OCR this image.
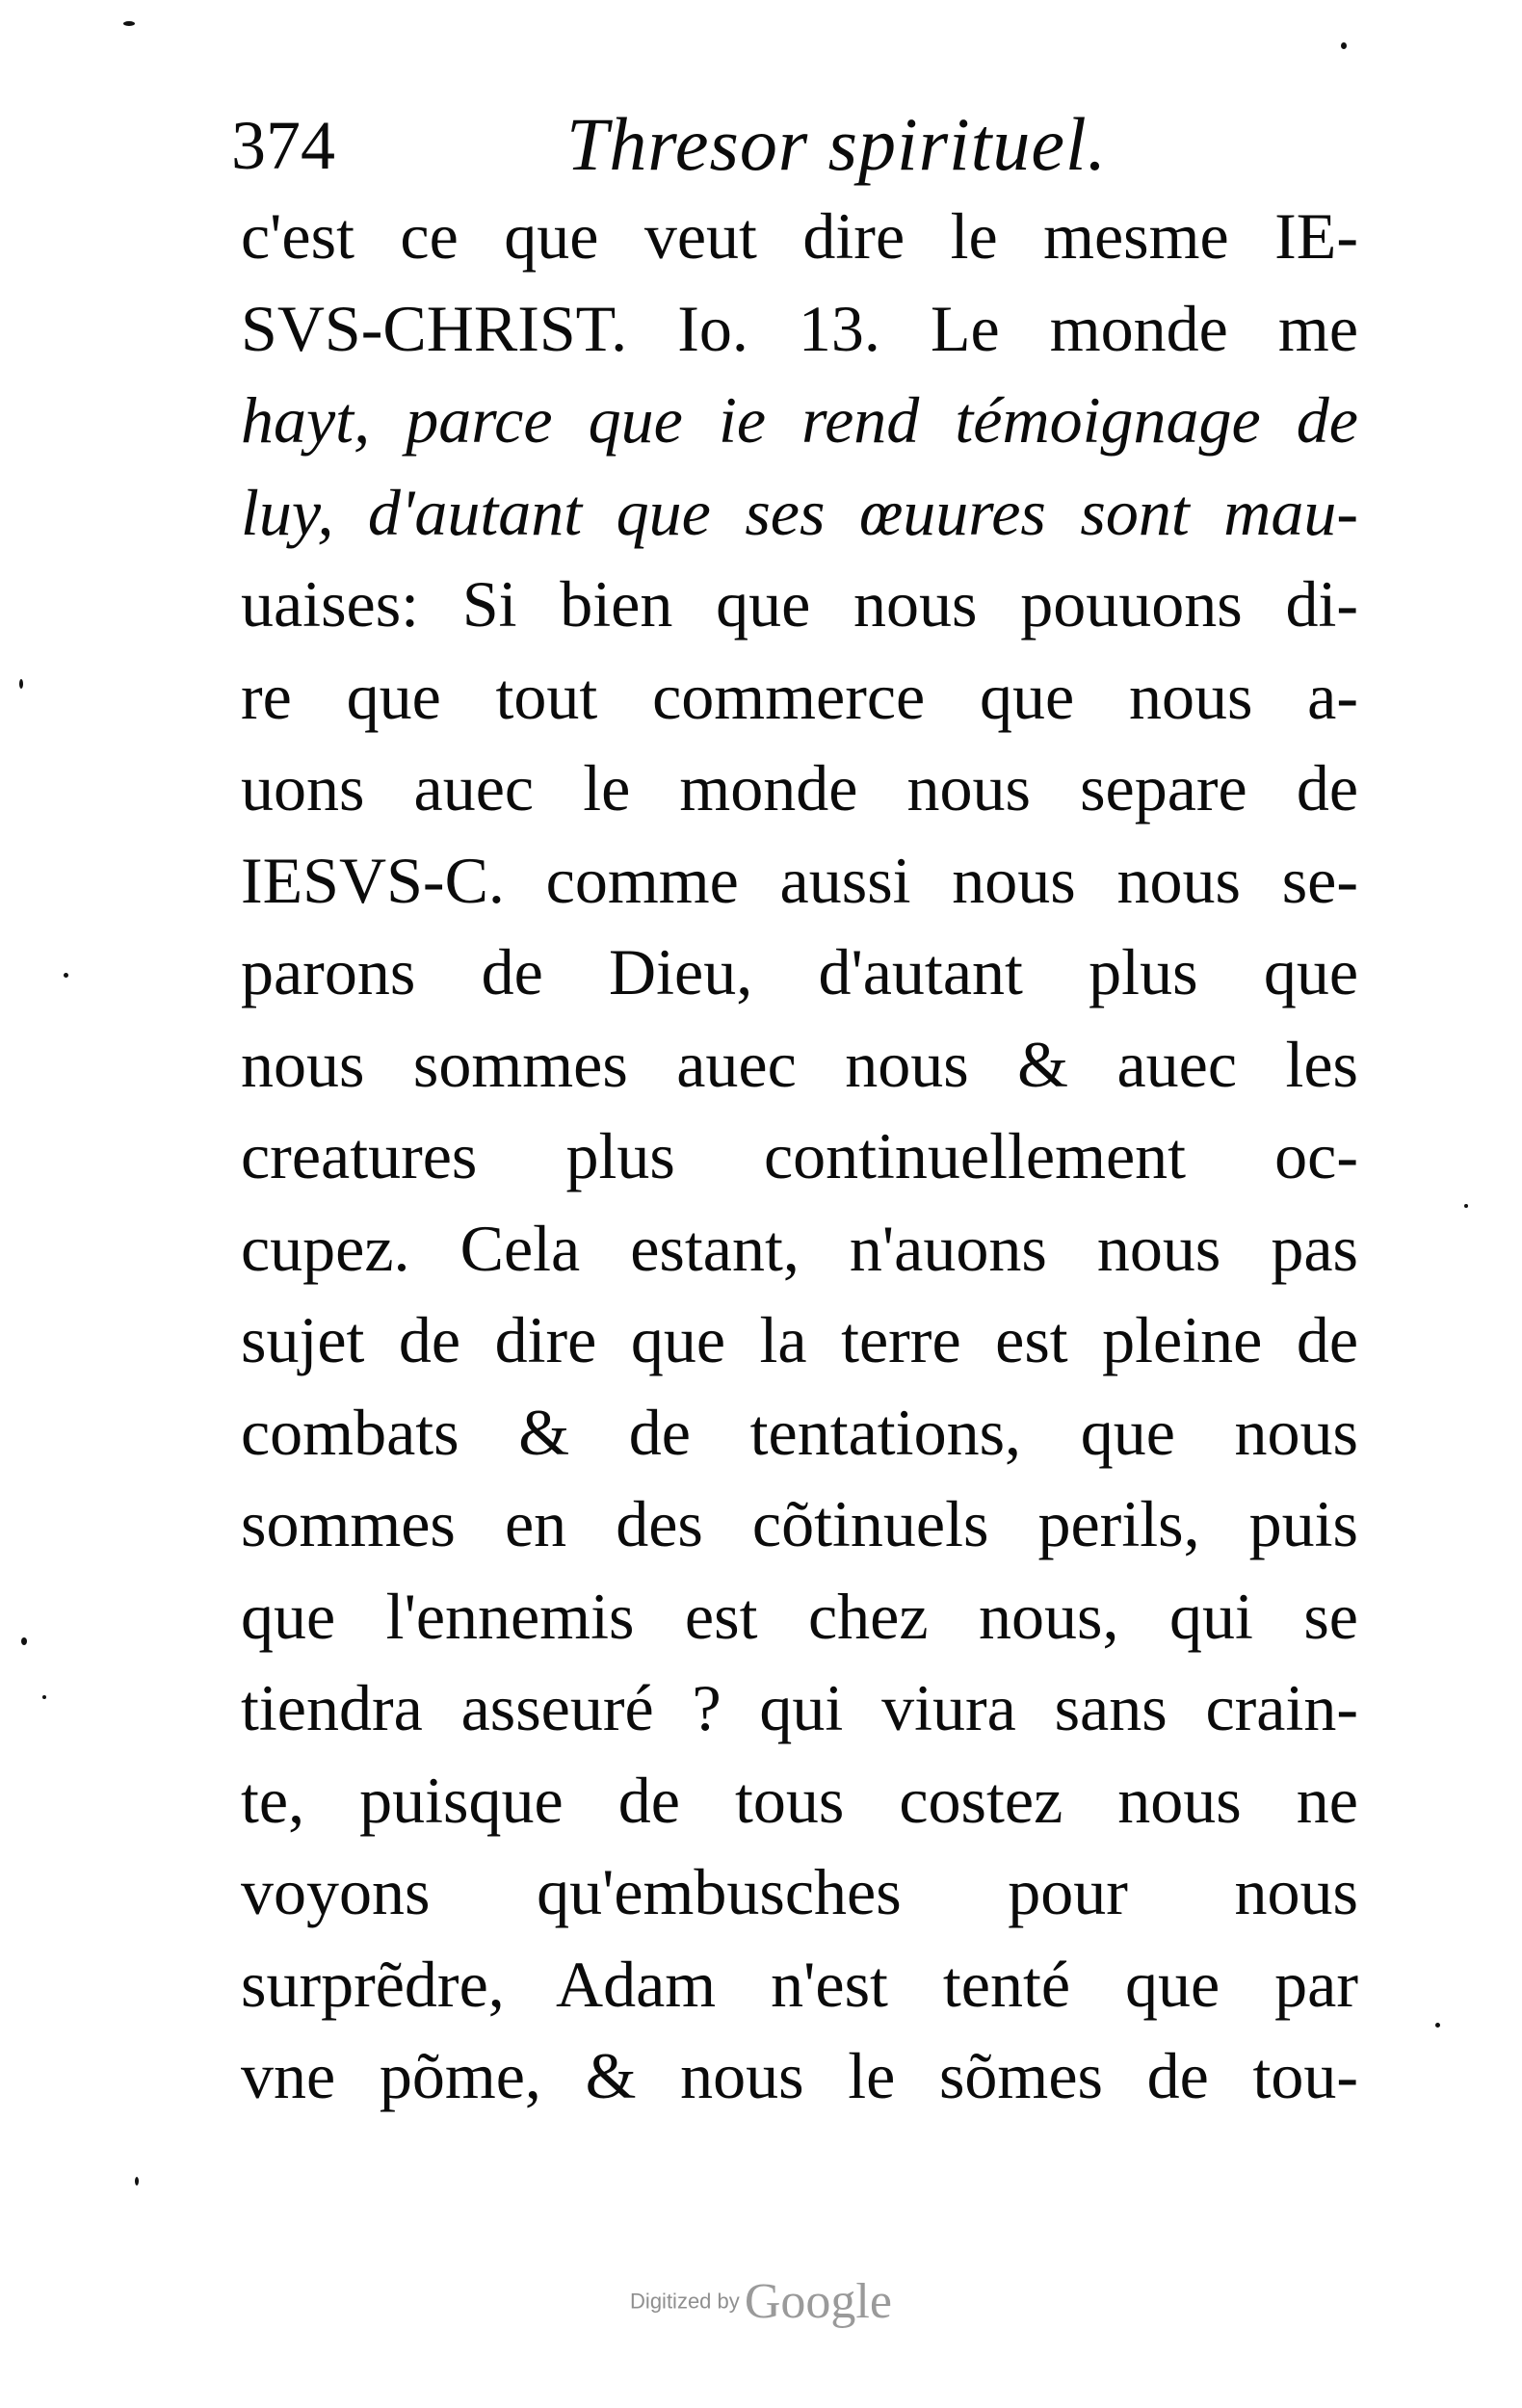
374	Thresor spirituel.
c'est ce que veut dire le mesme IE-
SVS-CHRIST. Io. 13. Le monde me
hayt, parce que ie rend témoignage de
luy, d'autant que ses œuures sont mau-
uaises: Si bien que nous pouuons di-
re que tout commerce que nous a-
uons auec le monde nous separe de
IESVS-C. comme aussi nous nous se-
parons de Dieu, d'autant plus que
nous sommes auec nous & auec les
creatures plus continuellement oc-
cupez. Cela estant, n'auons nous pas
sujet de dire que la terre est pleine de
combats & de tentations, que nous
sommes en des cõtinuels perils, puis
que l'ennemis est chez nous, qui se
tiendra asseuré ? qui viura sans crain-
te, puisque de tous costez nous ne
voyons qu'embusches pour nous
surprẽdre, Adam n'est tenté que par
vne põme, & nous le sõmes de tou-
Digitized by Google
